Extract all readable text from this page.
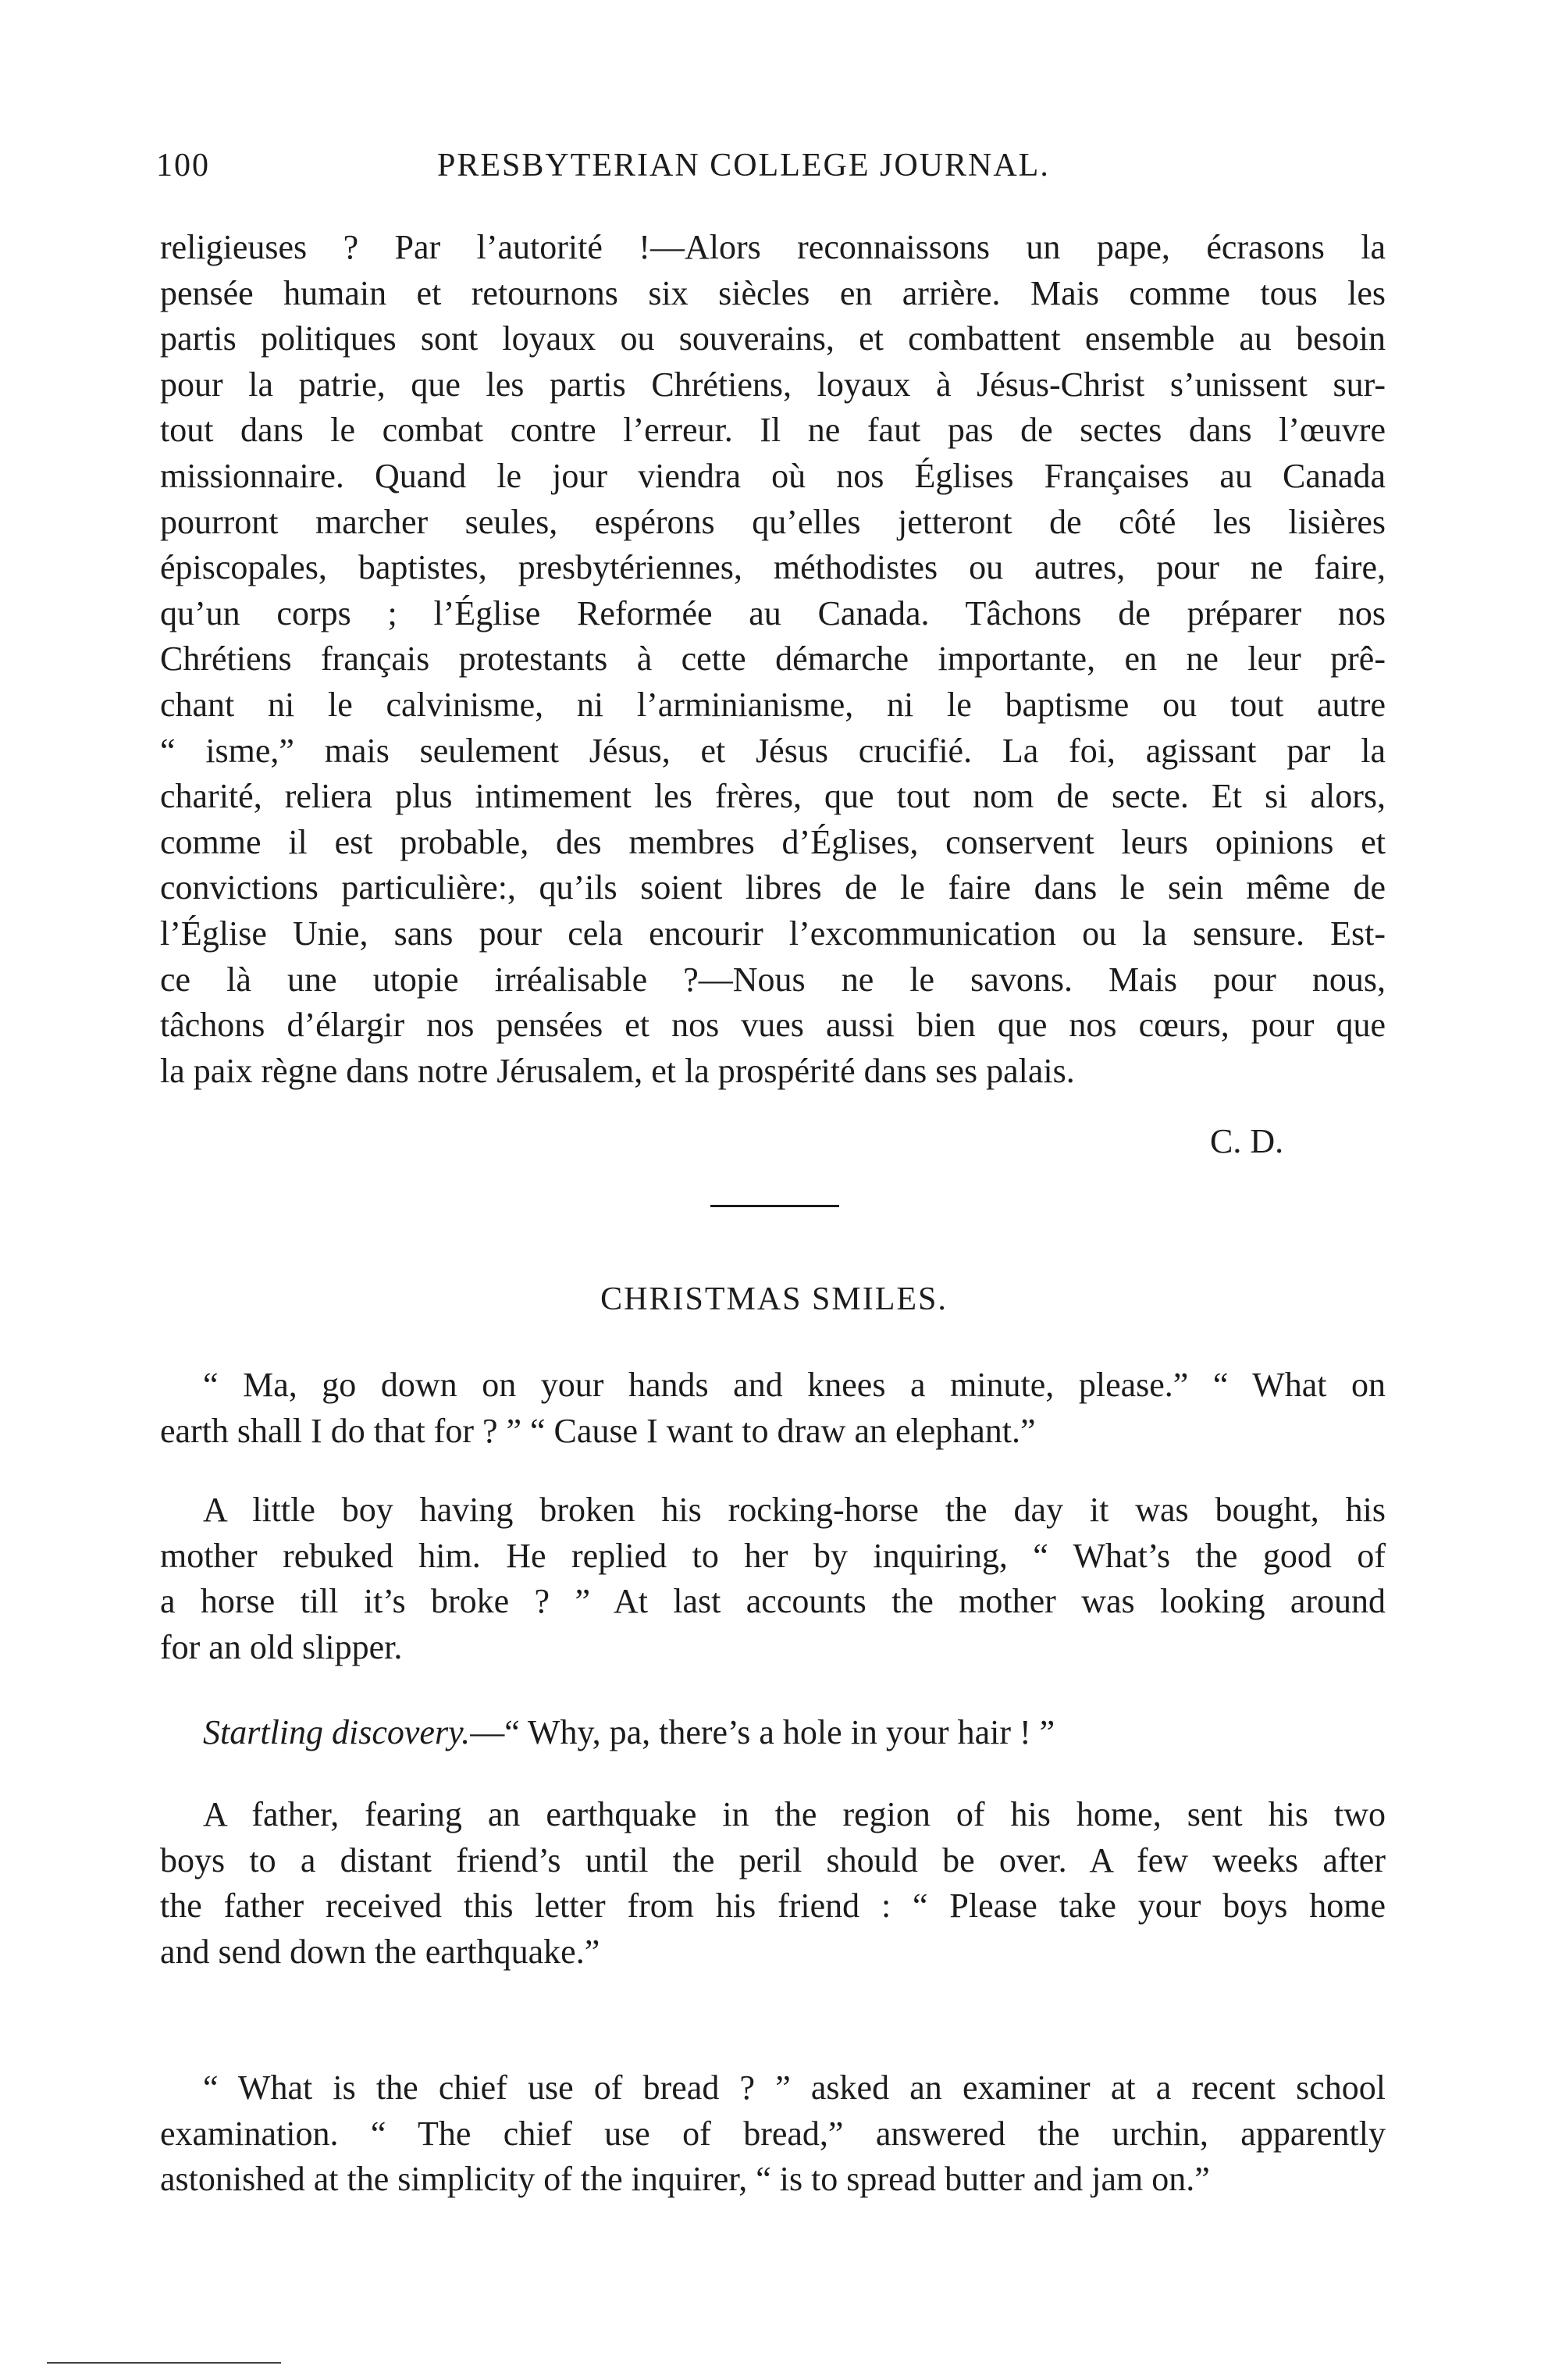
100	PRESBYTERIAN COLLEGE JOURNAL.
religieuses ? Par l’autorité !—Alors reconnaissons un pape, écrasons la
pensée humain et retournons six siècles en arrière. Mais comme tous les
partis politiques sont loyaux ou souverains, et combattent ensemble au besoin
pour la patrie, que les partis Chrétiens, loyaux à Jésus-Christ s’unissent sur-
tout dans le combat contre l’erreur. Il ne faut pas de sectes dans l’œuvre
missionnaire. Quand le jour viendra où nos Églises Françaises au Canada
pourront marcher seules, espérons qu’elles jetteront de côté les lisières
épiscopales, baptistes, presbytériennes, méthodistes ou autres, pour ne faire,
qu’un corps ; l’Église Reformée au Canada. Tâchons de préparer nos
Chrétiens français protestants à cette démarche importante, en ne leur prê-
chant ni le calvinisme, ni l’arminianisme, ni le baptisme ou tout autre
“ isme,” mais seulement Jésus, et Jésus crucifié. La foi, agissant par la
charité, reliera plus intimement les frères, que tout nom de secte. Et si alors,
comme il est probable, des membres d’Églises, conservent leurs opinions et
convictions particulière:, qu’ils soient libres de le faire dans le sein même de
l’Église Unie, sans pour cela encourir l’excommunication ou la sensure. Est-
ce là une utopie irréalisable ?—Nous ne le savons. Mais pour nous,
tâchons d’élargir nos pensées et nos vues aussi bien que nos cœurs, pour que
la paix règne dans notre Jérusalem, et la prospérité dans ses palais.
C. D.
CHRISTMAS SMILES.
“ Ma, go down on your hands and knees a minute, please.” “ What on
earth shall I do that for ? ” “ Cause I want to draw an elephant.”
A little boy having broken his rocking-horse the day it was bought, his
mother rebuked him. He replied to her by inquiring, “ What’s the good of
a horse till it’s broke ? ” At last accounts the mother was looking around
for an old slipper.
Startling discovery.—“ Why, pa, there’s a hole in your hair ! ”
A father, fearing an earthquake in the region of his home, sent his two
boys to a distant friend’s until the peril should be over. A few weeks after
the father received this letter from his friend : “ Please take your boys home
and send down the earthquake.”
“ What is the chief use of bread ? ” asked an examiner at a recent school
examination. “ The chief use of bread,” answered the urchin, apparently
astonished at the simplicity of the inquirer, “ is to spread butter and jam on.”
